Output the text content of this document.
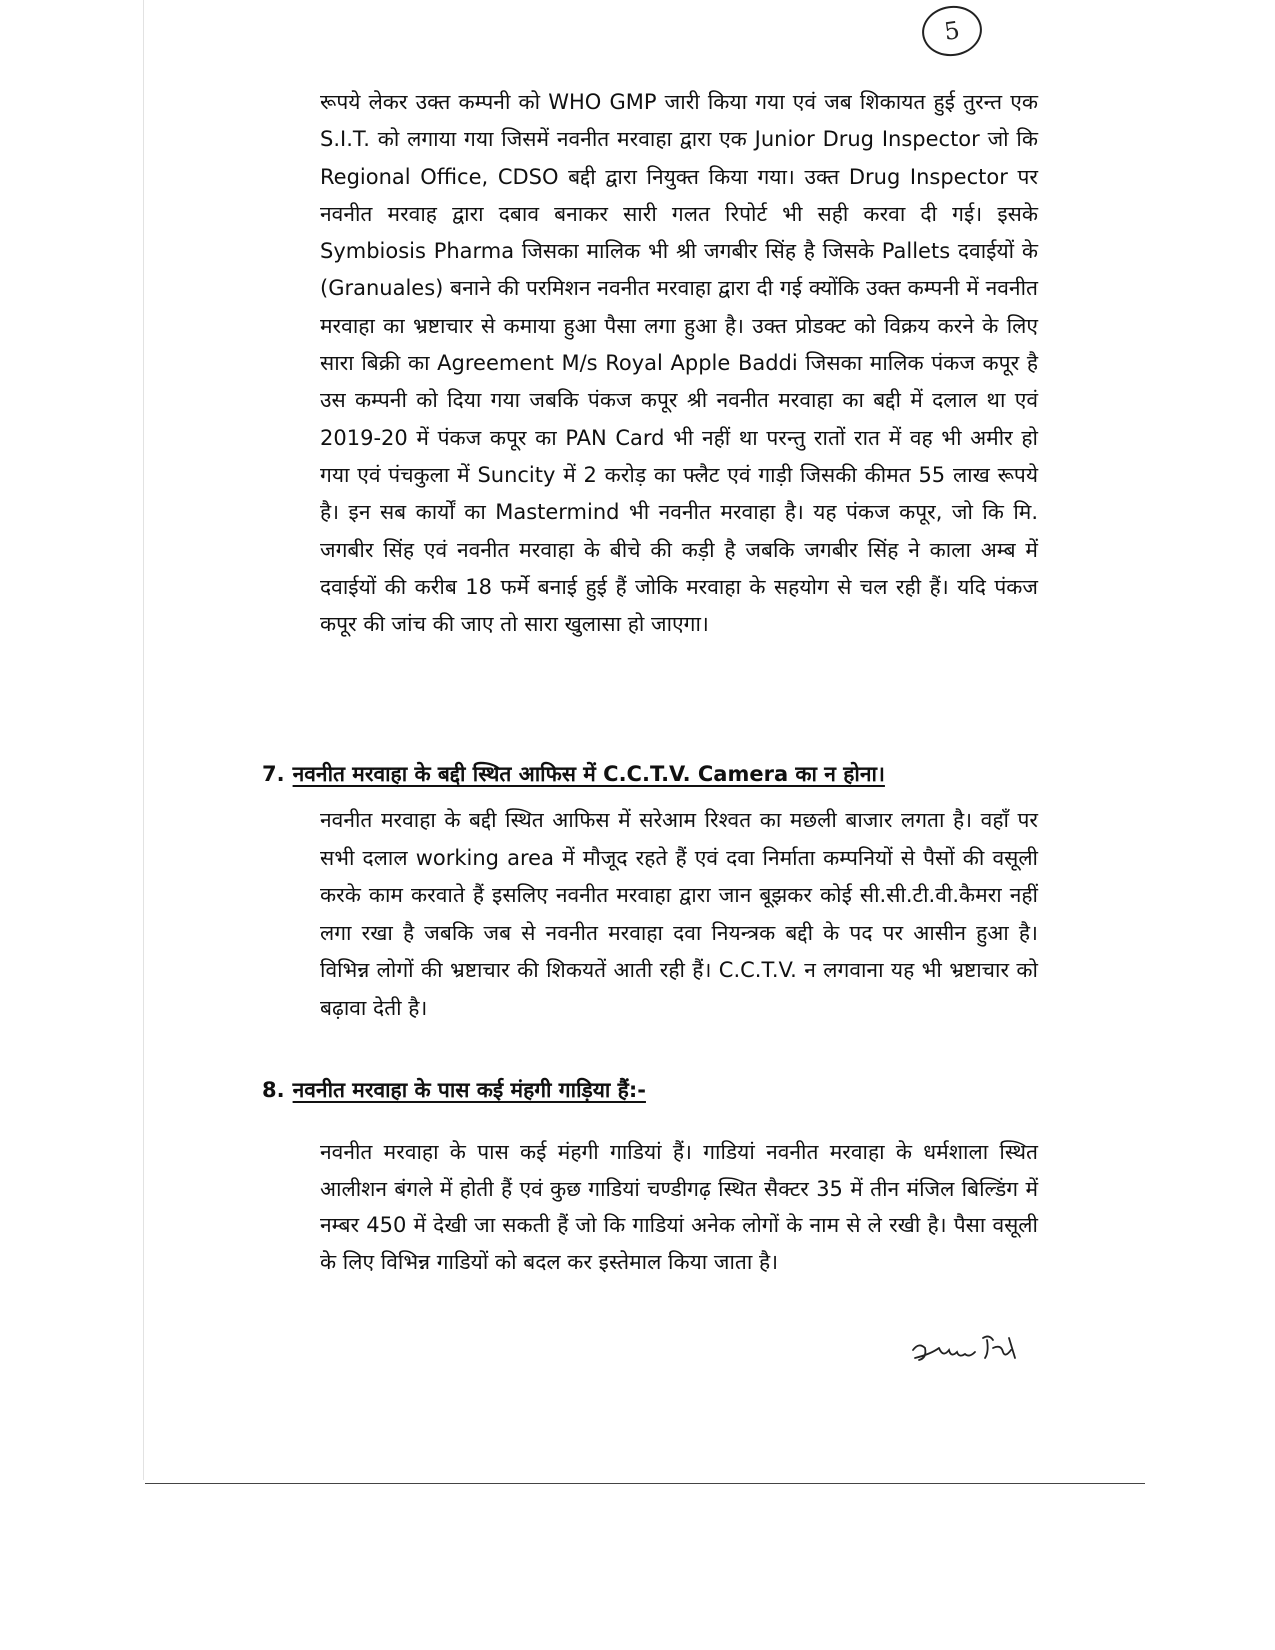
5

रूपये लेकर उक्त कम्पनी को WHO GMP जारी किया गया एवं जब शिकायत हुई तुरन्त एक S.I.T. को लगाया गया जिसमें नवनीत मरवाहा द्वारा एक Junior Drug Inspector जो कि Regional Office, CDSO बद्दी द्वारा नियुक्त किया गया। उक्त Drug Inspector पर नवनीत मरवाह द्वारा दबाव बनाकर सारी गलत रिपोर्ट भी सही करवा दी गई। इसके Symbiosis Pharma जिसका मालिक भी श्री जगबीर सिंह है जिसके Pallets दवाईयों के (Granuales) बनाने की परमिशन नवनीत मरवाहा द्वारा दी गई क्योंकि उक्त कम्पनी में नवनीत मरवाहा का भ्रष्टाचार से कमाया हुआ पैसा लगा हुआ है। उक्त प्रोडक्ट को विक्रय करने के लिए सारा बिक्री का Agreement M/s Royal Apple Baddi जिसका मालिक पंकज कपूर है उस कम्पनी को दिया गया जबकि पंकज कपूर श्री नवनीत मरवाहा का बद्दी में दलाल था एवं 2019-20 में पंकज कपूर का PAN Card भी नहीं था परन्तु रातों रात में वह भी अमीर हो गया एवं पंचकुला में Suncity में 2 करोड़ का फ्लैट एवं गाड़ी जिसकी कीमत 55 लाख रूपये है। इन सब कार्यों का Mastermind भी नवनीत मरवाहा है। यह पंकज कपूर, जो कि मि. जगबीर सिंह एवं नवनीत मरवाहा के बीचे की कड़ी है जबकि जगबीर सिंह ने काला अम्ब में दवाईयों की करीब 18 फर्मे बनाई हुई हैं जोकि मरवाहा के सहयोग से चल रही हैं। यदि पंकज कपूर की जांच की जाए तो सारा खुलासा हो जाएगा।

7. नवनीत मरवाहा के बद्दी स्थित आफिस में C.C.T.V. Camera का न होना।

नवनीत मरवाहा के बद्दी स्थित आफिस में सरेआम रिश्वत का मछली बाजार लगता है। वहाँ पर सभी दलाल working area में मौजूद रहते हैं एवं दवा निर्माता कम्पनियों से पैसों की वसूली करके काम करवाते हैं इसलिए नवनीत मरवाहा द्वारा जान बूझकर कोई सी.सी.टी.वी.कैमरा नहीं लगा रखा है जबकि जब से नवनीत मरवाहा दवा नियन्त्रक बद्दी के पद पर आसीन हुआ है। विभिन्न लोगों की भ्रष्टाचार की शिकयतें आती रही हैं। C.C.T.V. न लगवाना यह भी भ्रष्टाचार को बढ़ावा देती है।

8. नवनीत मरवाहा के पास कई मंहगी गाड़िया हैं:-

नवनीत मरवाहा के पास कई मंहगी गाडियां हैं। गाडियां नवनीत मरवाहा के धर्मशाला स्थित आलीशन बंगले में होती हैं एवं कुछ गाडियां चण्डीगढ़ स्थित सैक्टर 35 में तीन मंजिल बिल्डिंग में नम्बर 450 में देखी जा सकती हैं जो कि गाडियां अनेक लोगों के नाम से ले रखी है। पैसा वसूली के लिए विभिन्न गाडियों को बदल कर इस्तेमाल किया जाता है।
